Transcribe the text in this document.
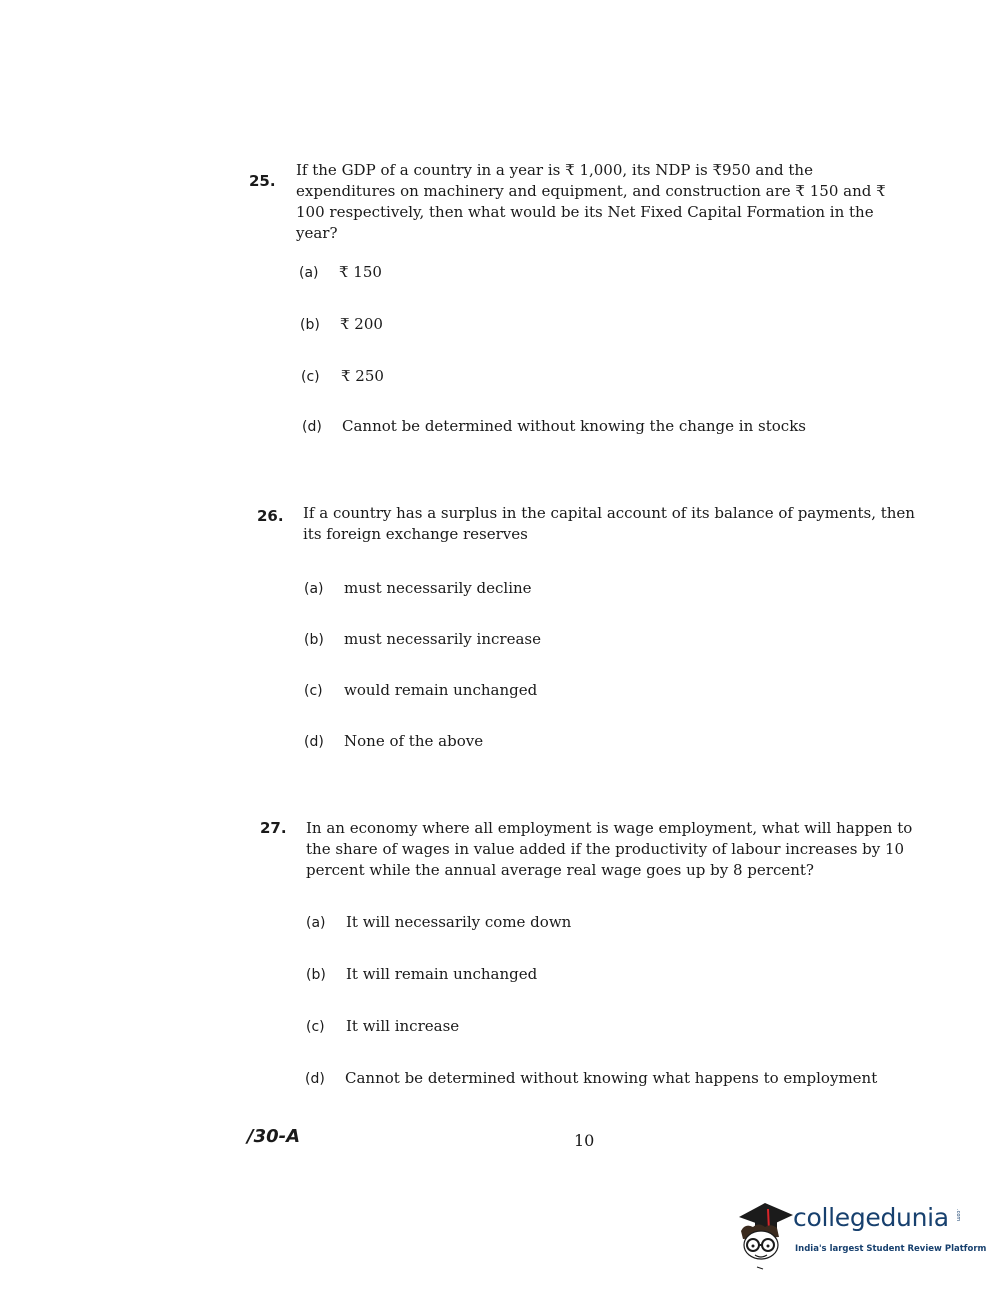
25.
If the GDP of a country in a year is ₹ 1,000, its NDP is ₹950 and the expenditures on machinery and equipment, and construction are ₹ 150 and ₹ 100 respectively, then what would be its Net Fixed Capital Formation in the year?
(a) ₹ 150
(b) ₹ 200
(c) ₹ 250
(d) Cannot be determined without knowing the change in stocks
26. If a country has a surplus in the capital account of its balance of payments, then its foreign exchange reserves
(a) must necessarily decline
(b) must necessarily increase
(c) would remain unchanged
(d) None of the above
27. In an economy where all employment is wage employment, what will happen to the share of wages in value added if the productivity of labour increases by 10 percent while the annual average real wage goes up by 8 percent?
(a) It will necessarily come down
(b) It will remain unchanged
(c) It will increase
(d) Cannot be determined without knowing what happens to employment
/30-A	10
collegedunia .com
India's largest Student Review Platform
